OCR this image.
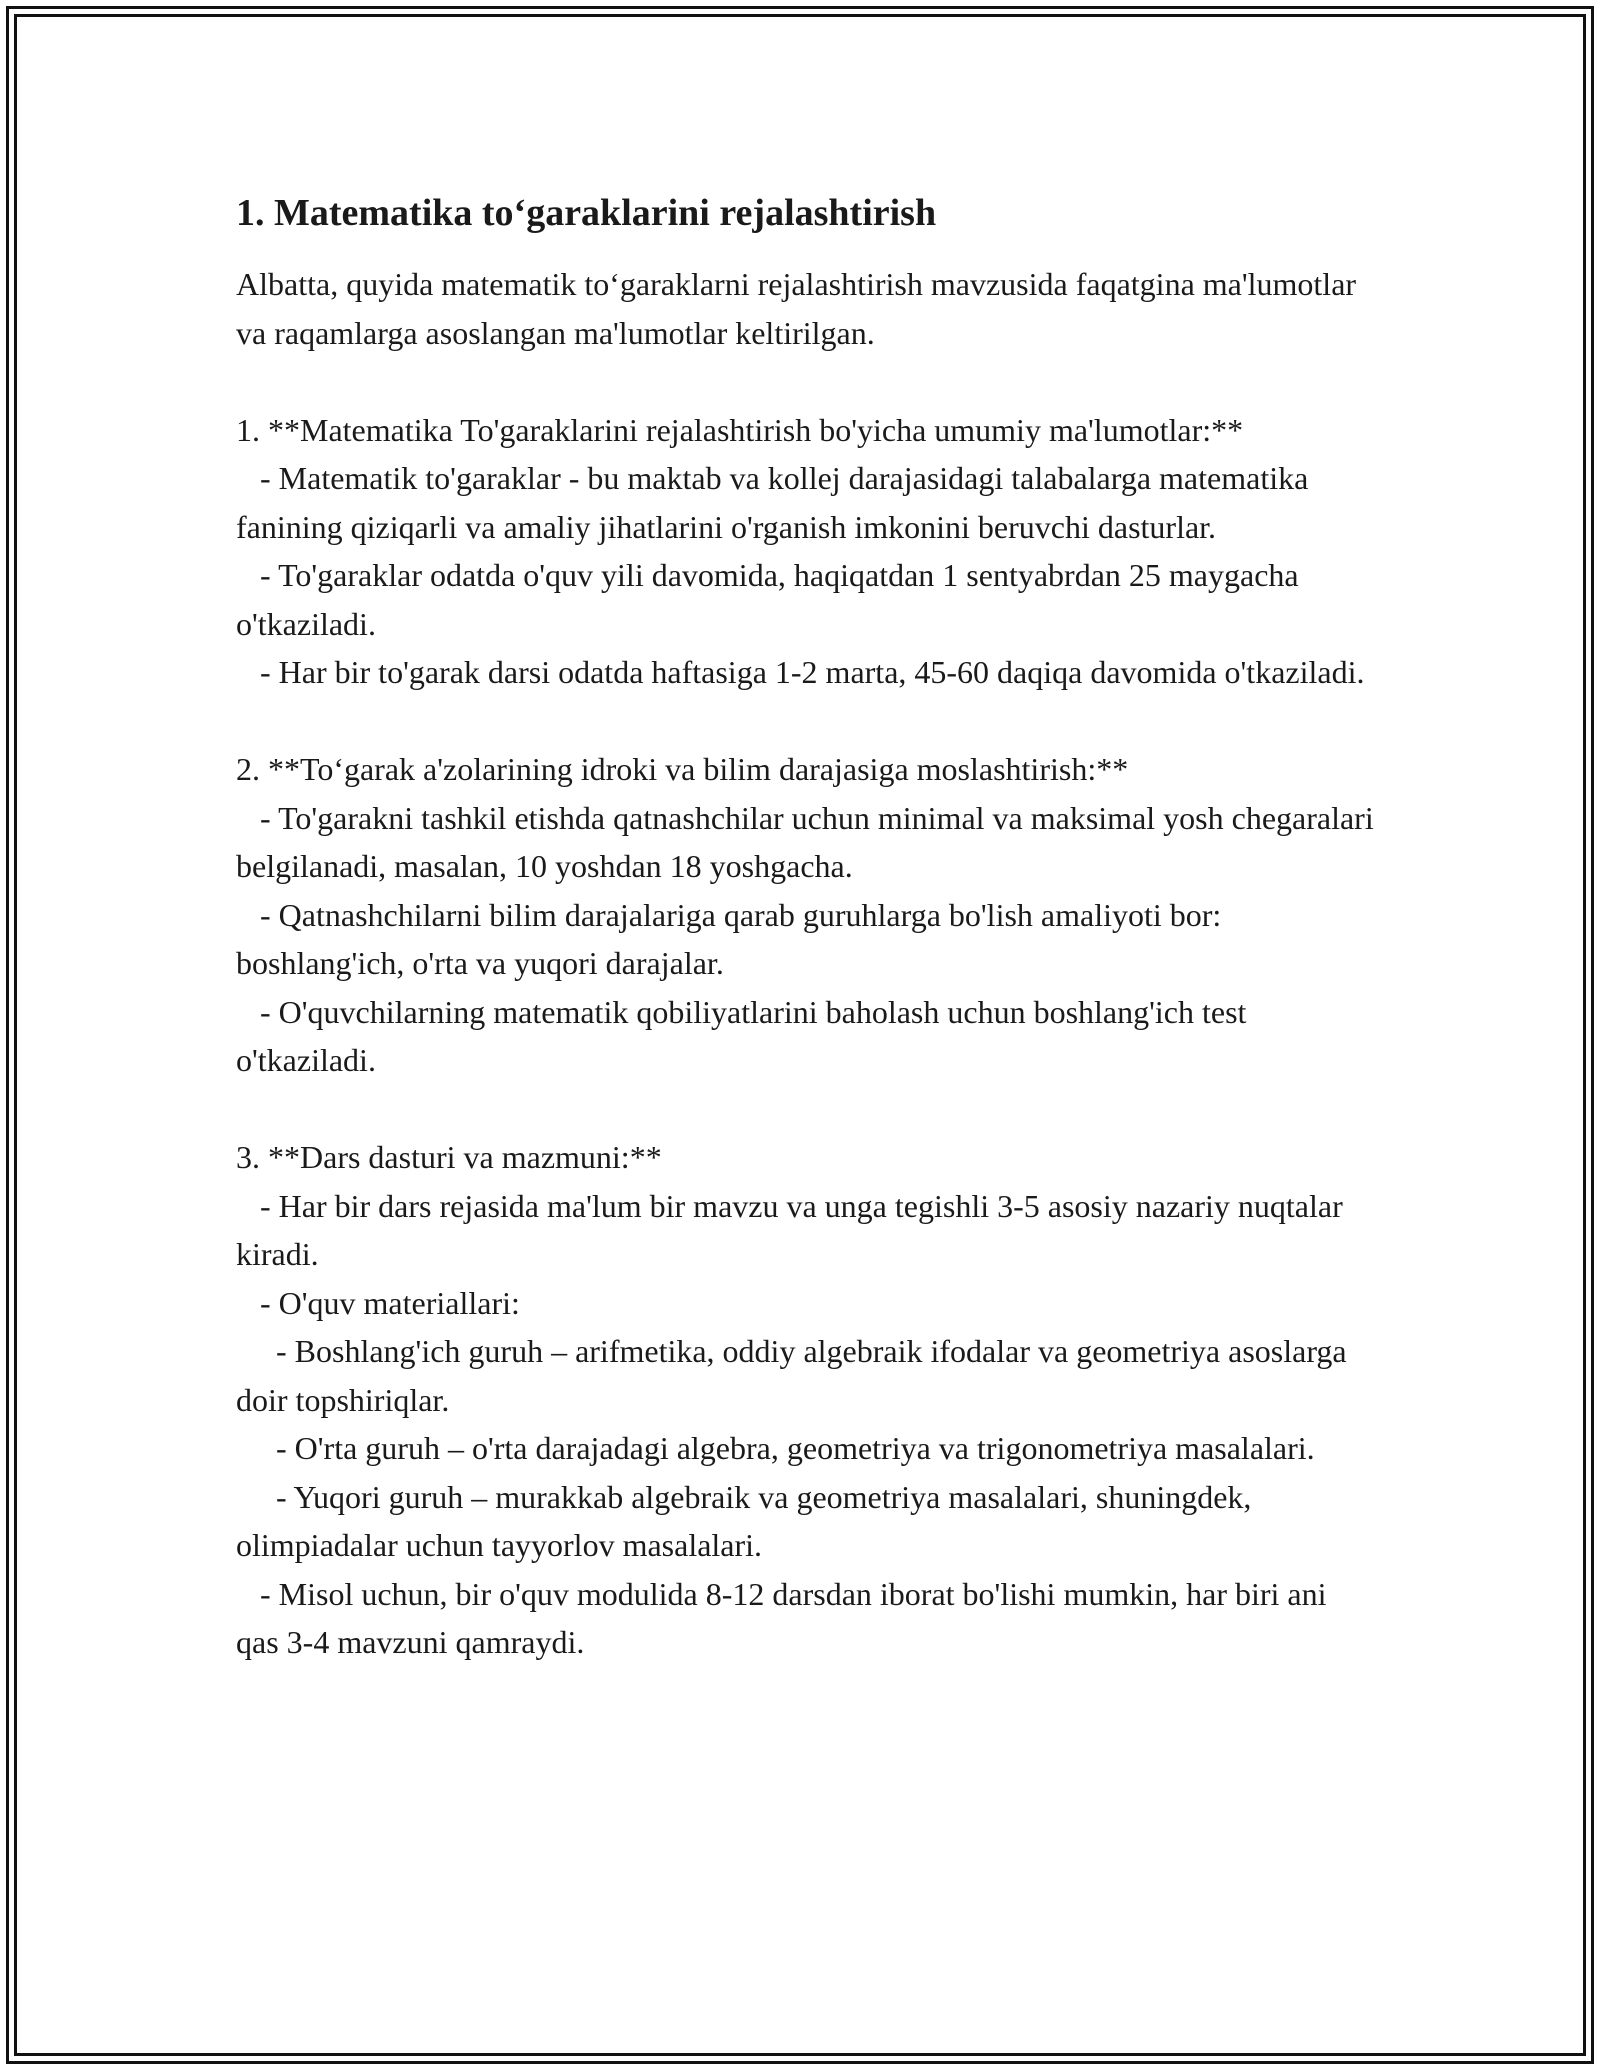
1. Matematika to‘garaklarini rejalashtirish

Albatta, quyida matematik to‘garaklarni rejalashtirish mavzusida faqatgina ma'lumotlar va raqamlarga asoslangan ma'lumotlar keltirilgan.

1. **Matematika To'garaklarini rejalashtirish bo'yicha umumiy ma'lumotlar:**

- Matematik to'garaklar - bu maktab va kollej darajasidagi talabalarga matematika fanining qiziqarli va amaliy jihatlarini o'rganish imkonini beruvchi dasturlar.

- To'garaklar odatda o'quv yili davomida, haqiqatdan 1 sentyabrdan 25 maygacha o'tkaziladi.

- Har bir to'garak darsi odatda haftasiga 1-2 marta, 45-60 daqiqa davomida o'tkaziladi.

2. **To‘garak a'zolarining idroki va bilim darajasiga moslashtirish:**

- To'garakni tashkil etishda qatnashchilar uchun minimal va maksimal yosh chegaralari belgilanadi, masalan, 10 yoshdan 18 yoshgacha.

- Qatnashchilarni bilim darajalariga qarab guruhlarga bo'lish amaliyoti bor: boshlang'ich, o'rta va yuqori darajalar.

- O'quvchilarning matematik qobiliyatlarini baholash uchun boshlang'ich test o'tkaziladi.

3. **Dars dasturi va mazmuni:**

- Har bir dars rejasida ma'lum bir mavzu va unga tegishli 3-5 asosiy nazariy nuqtalar kiradi.

- O'quv materiallari:

- Boshlang'ich guruh – arifmetika, oddiy algebraik ifodalar va geometriya asoslarga doir topshiriqlar.

- O'rta guruh – o'rta darajadagi algebra, geometriya va trigonometriya masalalari.

- Yuqori guruh – murakkab algebraik va geometriya masalalari, shuningdek, olimpiadalar uchun tayyorlov masalalari.

- Misol uchun, bir o'quv modulida 8-12 darsdan iborat bo'lishi mumkin, har biri ani qas 3-4 mavzuni qamraydi.
